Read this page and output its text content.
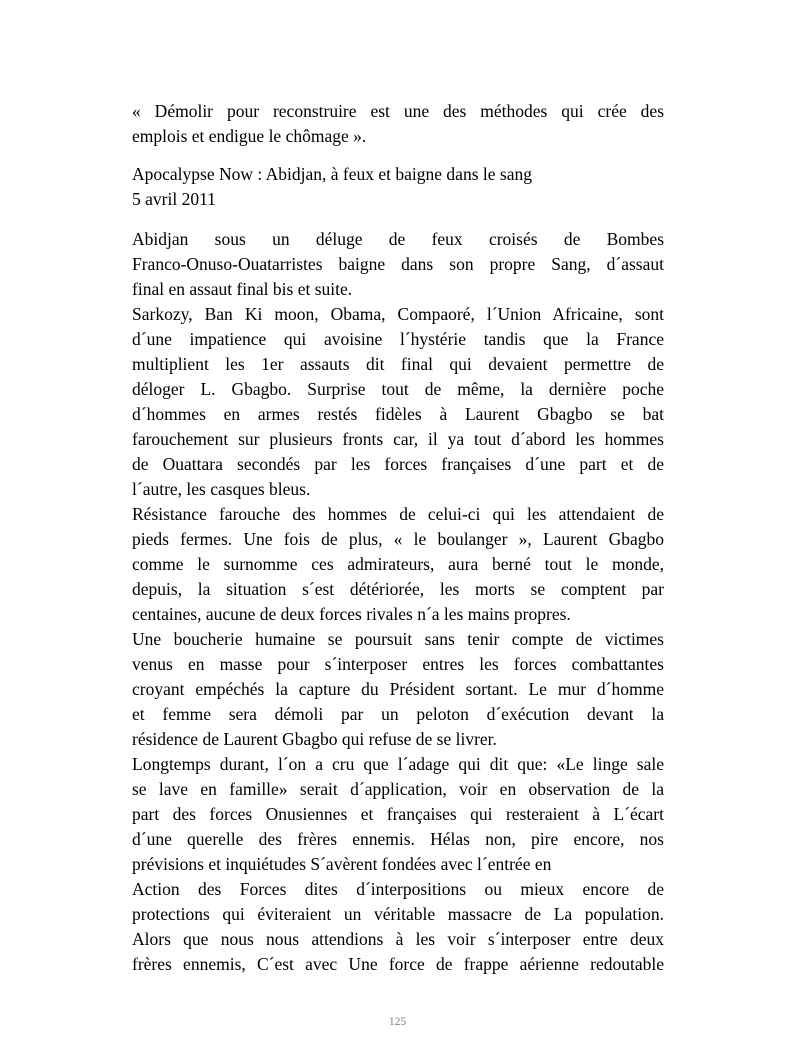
« Démolir pour reconstruire est une des méthodes qui crée des
emplois et endigue le chômage ».
Apocalypse Now : Abidjan, à feux et baigne dans le sang
5 avril 2011
Abidjan sous un déluge de feux croisés de Bombes
Franco-Onuso-Ouatarristes baigne dans son propre Sang, d´assaut
final en assaut final bis et suite.
Sarkozy, Ban Ki moon, Obama, Compaoré, l´Union Africaine, sont
d´une impatience qui avoisine l´hystérie tandis que la France
multiplient les 1er assauts dit final qui devaient permettre de
déloger L. Gbagbo. Surprise tout de même, la dernière poche
d´hommes en armes restés fidèles à Laurent Gbagbo se bat
farouchement sur plusieurs fronts car, il ya tout d´abord les hommes
de Ouattara secondés par les forces françaises d´une part et de
l´autre, les casques bleus.
Résistance farouche des hommes de celui-ci qui les attendaient de
pieds fermes. Une fois de plus, « le boulanger », Laurent Gbagbo
comme le surnomme ces admirateurs, aura berné tout le monde,
depuis, la situation s´est détériorée, les morts se comptent par
centaines, aucune de deux forces rivales n´a les mains propres.
Une boucherie humaine se poursuit sans tenir compte de victimes
venus en masse pour s´interposer entres les forces combattantes
croyant empéchés la capture du Président sortant. Le mur d´homme
et femme sera démoli par un peloton d´exécution devant la
résidence de Laurent Gbagbo qui refuse de se livrer.
Longtemps durant, l´on a cru que l´adage qui dit que: «Le linge sale
se lave en famille» serait d´application, voir en observation de la
part des forces Onusiennes et françaises qui resteraient à L´écart
d´une querelle des frères ennemis. Hélas non, pire encore, nos
prévisions et inquiétudes S´avèrent fondées avec l´entrée en
Action des Forces dites d´interpositions ou mieux encore de
protections qui éviteraient un véritable massacre de La population.
Alors que nous nous attendions à les voir s´interposer entre deux
frères ennemis, C´est avec Une force de frappe aérienne redoutable
125
